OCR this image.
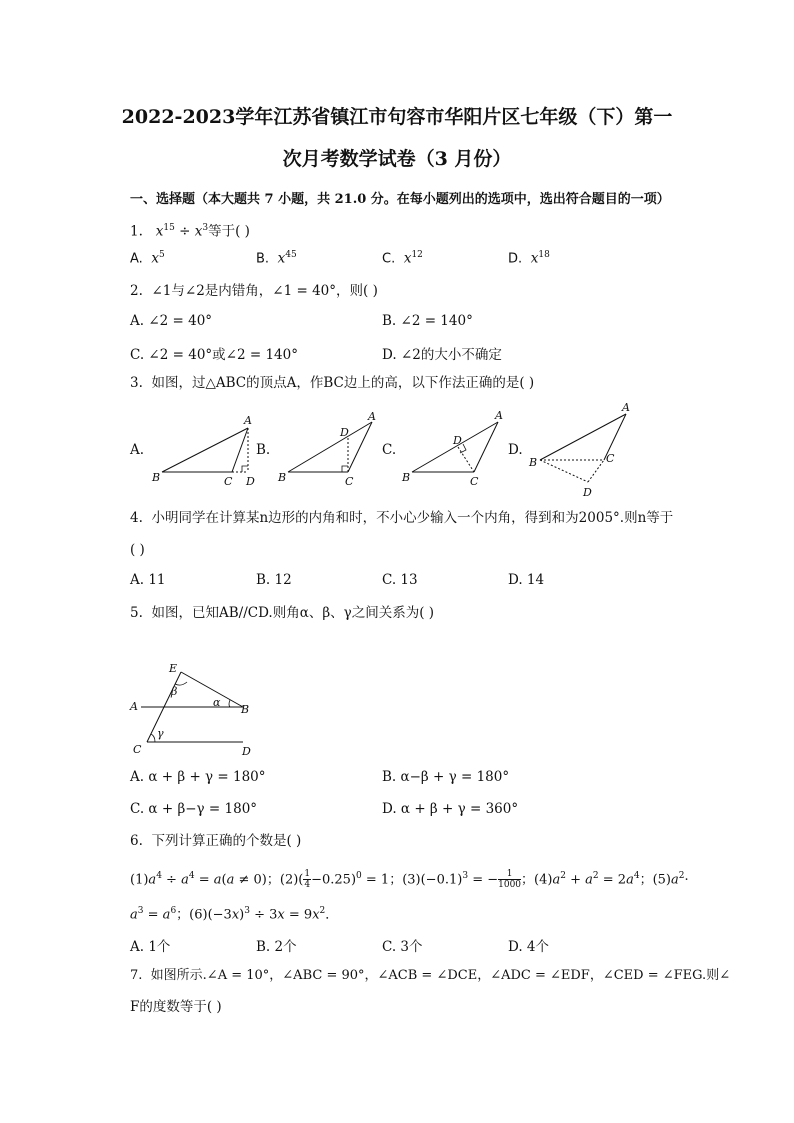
2022-2023学年江苏省镇江市句容市华阳片区七年级（下）第一
次月考数学试卷（3 月份）
一、选择题（本大题共 7 小题，共 21.0 分。在每小题列出的选项中，选出符合题目的一项）
1. $x^{15} \div x^3$等于( )
A. $x^5$	B. $x^{45}$	C. $x^{12}$	D. $x^{18}$
2. ∠1与∠2是内错角，∠1 = 40°，则( )
A. ∠2 = 40°	B. ∠2 = 140°
C. ∠2 = 40°或∠2 = 140°	D. ∠2的大小不确定
3. 如图，过△ABC的顶点A，作BC边上的高，以下作法正确的是( )
A.	B.	C.	D.
A
B	C D
A
D
B	C
A
D
B	C
A
B	C
D
4. 小明同学在计算某n边形的内角和时，不小心少输入一个内角，得到和为2005°.则n等于
( )
A. 11	B. 12	C. 13	D. 14
5. 如图，已知AB//CD.则角α、β、γ之间关系为( )
E
β
α
γ
A	B
C	D
A. α + β + γ = 180°	B. α−β + γ = 180°
C. α + β−γ = 180°	D. α + β + γ = 360°
6. 下列计算正确的个数是( )
$(1)a^4 \div a^4 = a(a \ne 0)$；$(2)( \frac{1}{4} -0.25)^0 = 1$；$(3)(-0.1)^3$ = − $\frac{1}{1000}$ ；$(4)a^2 + a^2 = 2a^4$；$(5)a^2\cdot$
$a^3 = a^6$；$(6)(-3x)^3 \div 3x = 9x^2$．
A. 1个	B. 2个	C. 3个	D. 4个
7. 如图所示.∠A = 10°，∠ABC = 90°，∠ACB = ∠DCE，∠ADC = ∠EDF，∠CED = ∠FEG.则∠
F的度数等于( )
